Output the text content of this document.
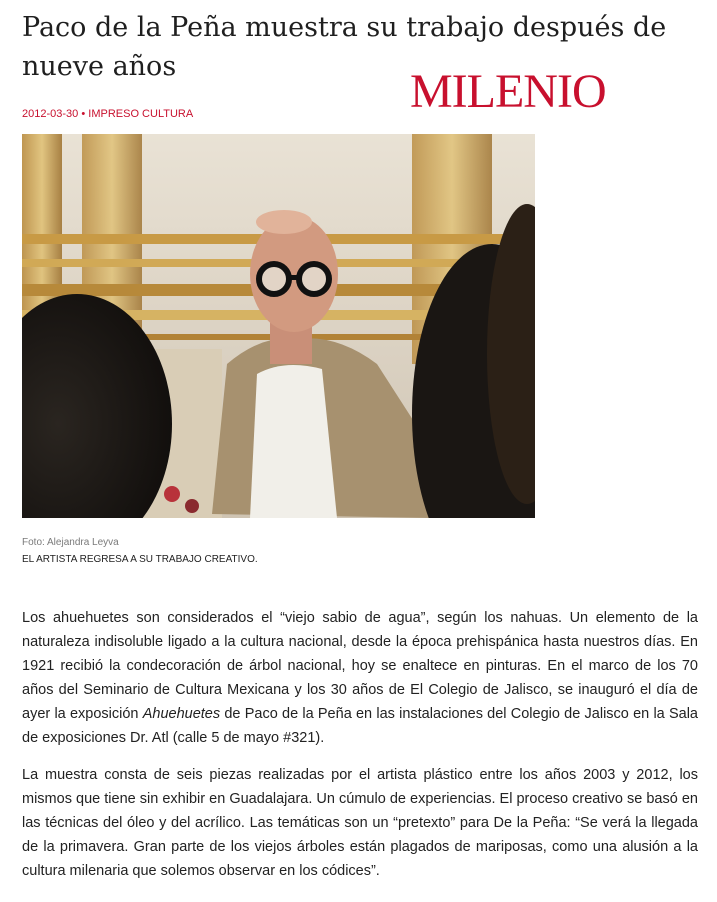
Paco de la Peña muestra su trabajo después de nueve años	MILENIO
2012-03-30 • IMPRESO CULTURA
Foto: Alejandra Leyva
EL ARTISTA REGRESA A SU TRABAJO CREATIVO.

Los ahuehuetes son considerados el “viejo sabio de agua”, según los nahuas. Un elemento de la naturaleza indisoluble ligado a la cultura nacional, desde la época prehispánica hasta nuestros días. En 1921 recibió la condecoración de árbol nacional, hoy se enaltece en pinturas. En el marco de los 70 años del Seminario de Cultura Mexicana y los 30 años de El Colegio de Jalisco, se inauguró el día de ayer la exposición Ahuehuetes de Paco de la Peña en las instalaciones del Colegio de Jalisco en la Sala de exposiciones Dr. Atl (calle 5 de mayo #321).

La muestra consta de seis piezas realizadas por el artista plástico entre los años 2003 y 2012, los mismos que tiene sin exhibir en Guadalajara. Un cúmulo de experiencias. El proceso creativo se basó en las técnicas del óleo y del acrílico. Las temáticas son un “pretexto” para De la Peña: “Se verá la llegada de la primavera. Gran parte de los viejos árboles están plagados de mariposas, como una alusión a la cultura milenaria que solemos observar en los códices”.
